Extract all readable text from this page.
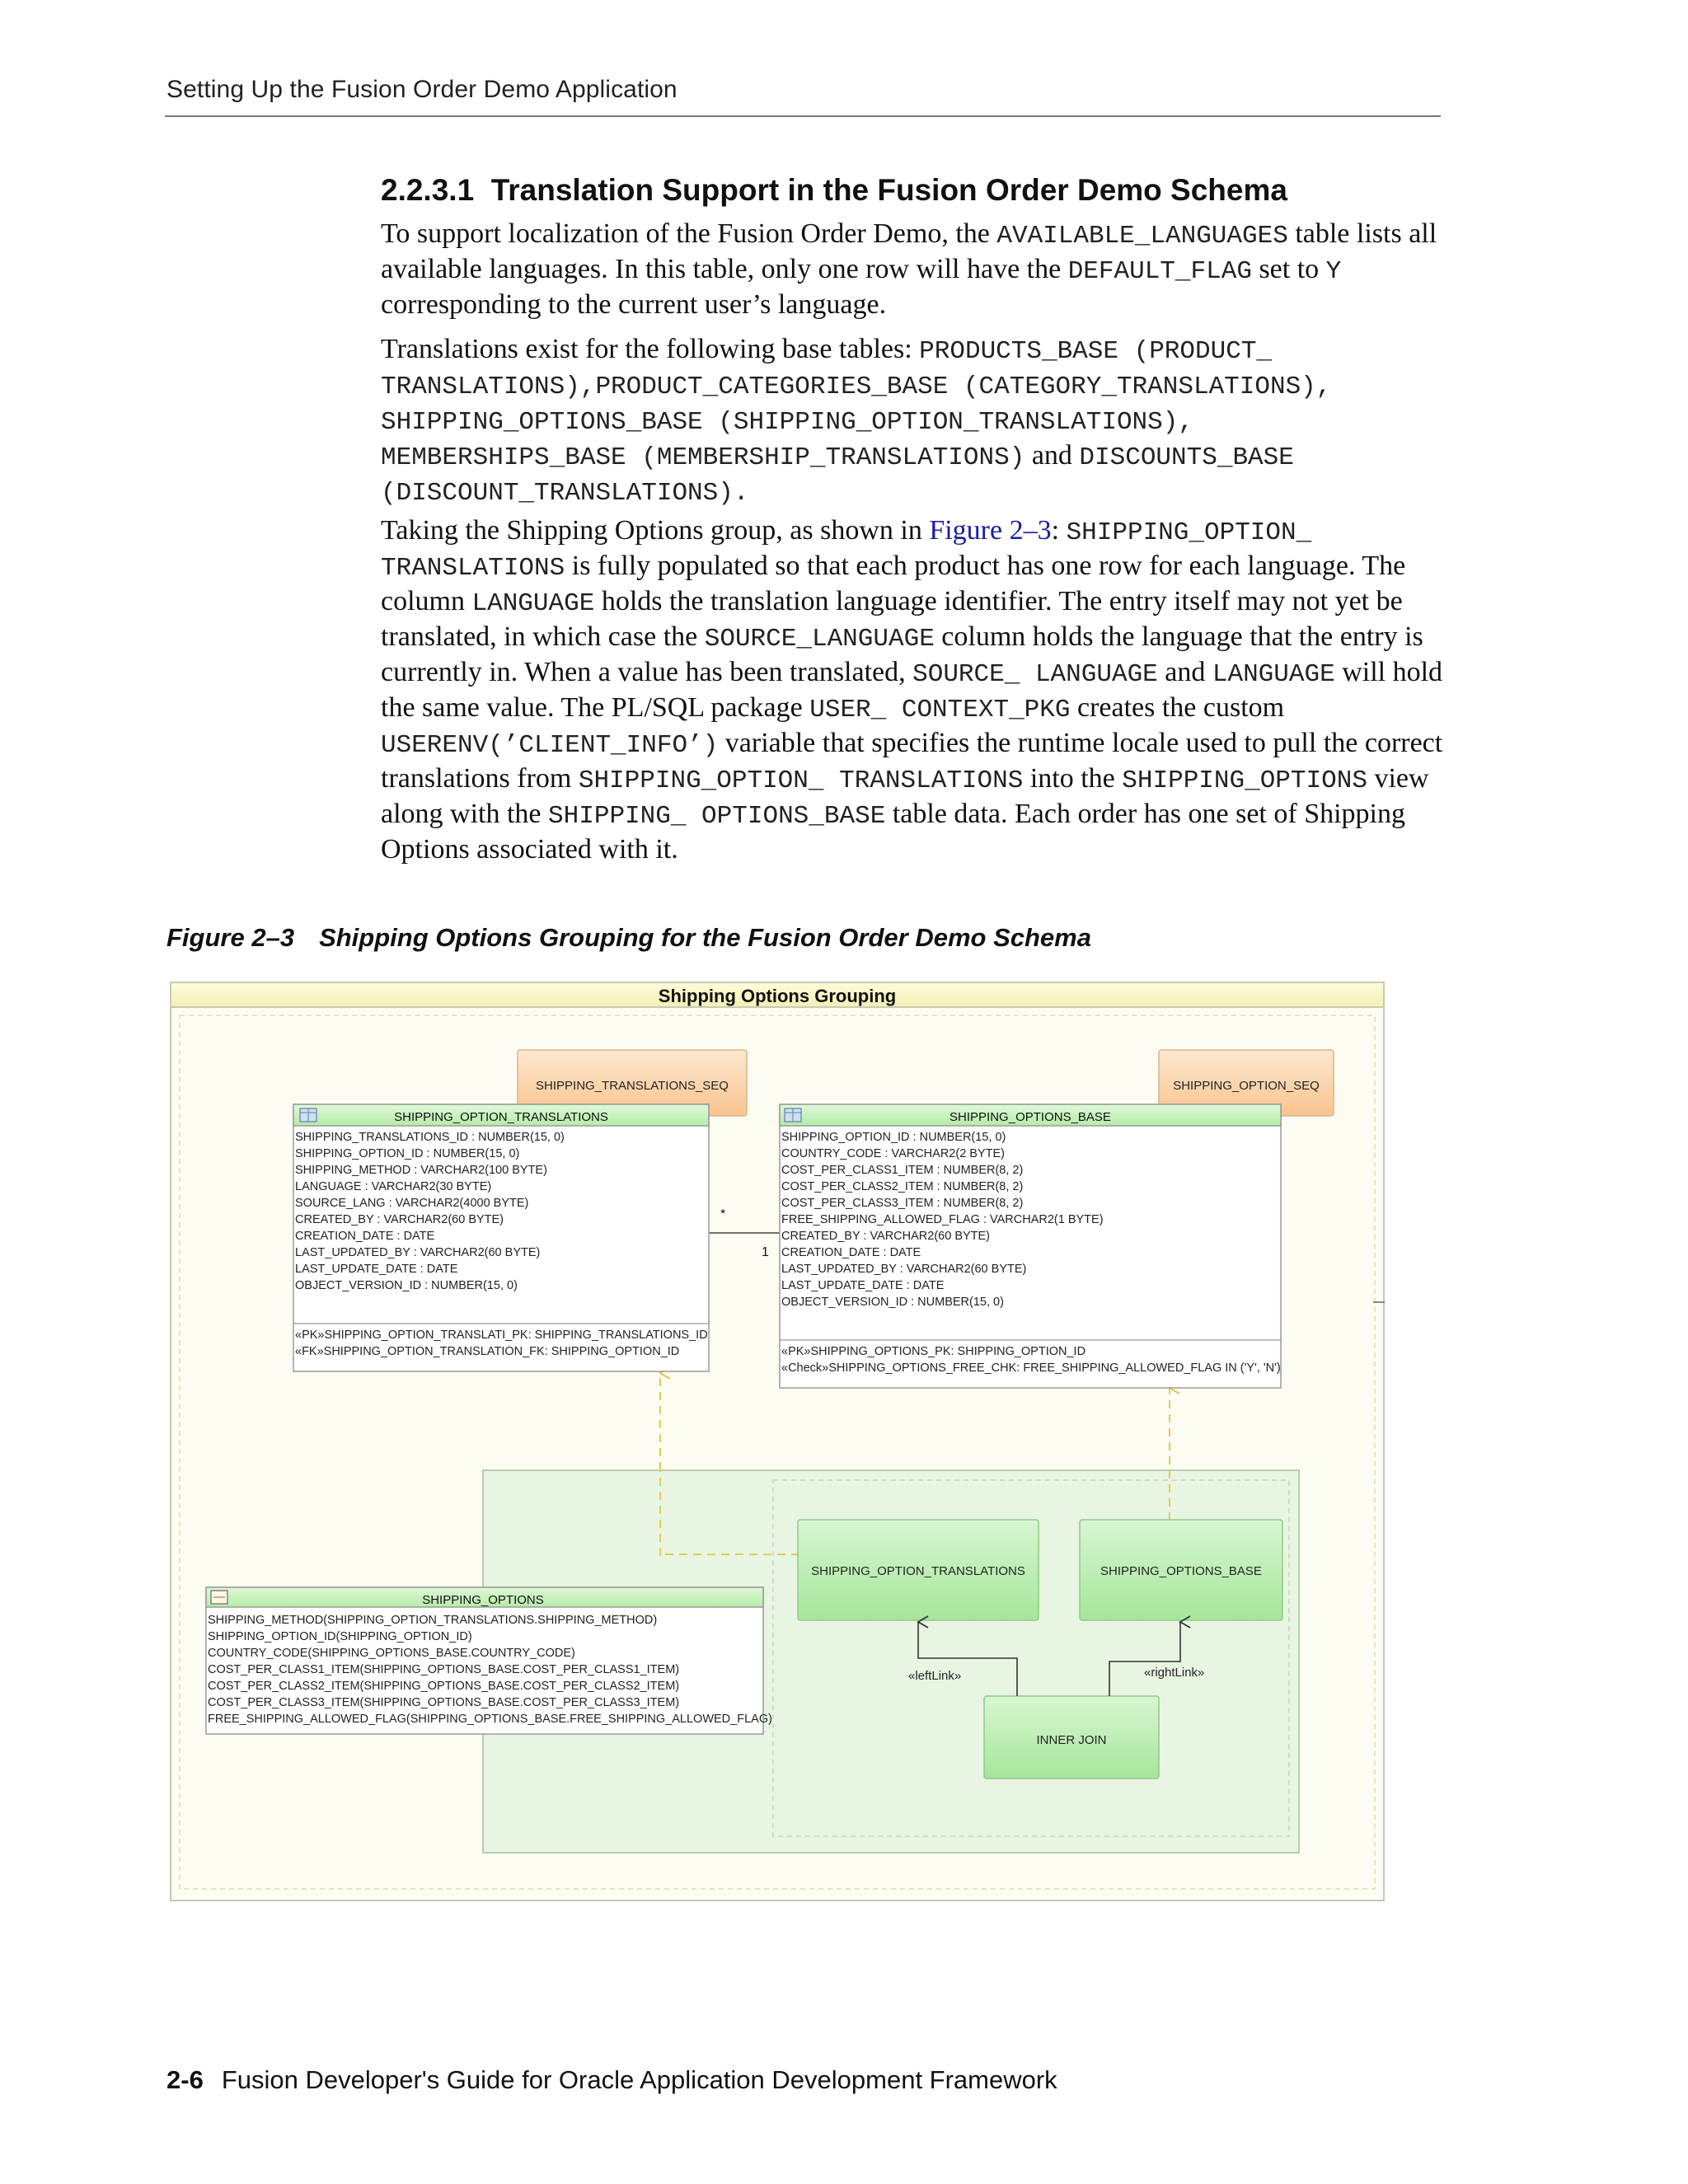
Setting Up the Fusion Order Demo Application
2.2.3.1 Translation Support in the Fusion Order Demo Schema
To support localization of the Fusion Order Demo, the AVAILABLE_LANGUAGES table lists all available languages. In this table, only one row will have the DEFAULT_FLAG set to Y corresponding to the current user’s language.
Translations exist for the following base tables: PRODUCTS_BASE (PRODUCT_ TRANSLATIONS),PRODUCT_CATEGORIES_BASE (CATEGORY_TRANSLATIONS), SHIPPING_OPTIONS_BASE (SHIPPING_OPTION_TRANSLATIONS), MEMBERSHIPS_BASE (MEMBERSHIP_TRANSLATIONS) and DISCOUNTS_BASE (DISCOUNT_TRANSLATIONS).
Taking the Shipping Options group, as shown in Figure 2–3: SHIPPING_OPTION_ TRANSLATIONS is fully populated so that each product has one row for each language. The column LANGUAGE holds the translation language identifier. The entry itself may not yet be translated, in which case the SOURCE_LANGUAGE column holds the language that the entry is currently in. When a value has been translated, SOURCE_ LANGUAGE and LANGUAGE will hold the same value. The PL/SQL package USER_ CONTEXT_PKG creates the custom USERENV(’CLIENT_INFO’) variable that specifies the runtime locale used to pull the correct translations from SHIPPING_OPTION_ TRANSLATIONS into the SHIPPING_OPTIONS view along with the SHIPPING_ OPTIONS_BASE table data. Each order has one set of Shipping Options associated with it.
Figure 2–3 Shipping Options Grouping for the Fusion Order Demo Schema
Shipping Options Grouping
SHIPPING_TRANSLATIONS_SEQ	SHIPPING_OPTION_SEQ
*
1
SHIPPING_OPTION_TRANSLATIONS
SHIPPING_TRANSLATIONS_ID : NUMBER(15, 0)
SHIPPING_OPTION_ID : NUMBER(15, 0)
SHIPPING_METHOD : VARCHAR2(100 BYTE)
LANGUAGE : VARCHAR2(30 BYTE)
SOURCE_LANG : VARCHAR2(4000 BYTE)
CREATED_BY : VARCHAR2(60 BYTE)
CREATION_DATE : DATE
LAST_UPDATED_BY : VARCHAR2(60 BYTE)
LAST_UPDATE_DATE : DATE
OBJECT_VERSION_ID : NUMBER(15, 0)
«PK»SHIPPING_OPTION_TRANSLATI_PK: SHIPPING_TRANSLATIONS_ID
«FK»SHIPPING_OPTION_TRANSLATION_FK: SHIPPING_OPTION_ID
SHIPPING_OPTIONS_BASE
SHIPPING_OPTION_ID : NUMBER(15, 0)
COUNTRY_CODE : VARCHAR2(2 BYTE)
COST_PER_CLASS1_ITEM : NUMBER(8, 2)
COST_PER_CLASS2_ITEM : NUMBER(8, 2)
COST_PER_CLASS3_ITEM : NUMBER(8, 2)
FREE_SHIPPING_ALLOWED_FLAG : VARCHAR2(1 BYTE)
CREATED_BY : VARCHAR2(60 BYTE)
CREATION_DATE : DATE
LAST_UPDATED_BY : VARCHAR2(60 BYTE)
LAST_UPDATE_DATE : DATE
OBJECT_VERSION_ID : NUMBER(15, 0)
«PK»SHIPPING_OPTIONS_PK: SHIPPING_OPTION_ID
«Check»SHIPPING_OPTIONS_FREE_CHK: FREE_SHIPPING_ALLOWED_FLAG IN ('Y', 'N')
SHIPPING_OPTIONS
SHIPPING_METHOD(SHIPPING_OPTION_TRANSLATIONS.SHIPPING_METHOD)
SHIPPING_OPTION_ID(SHIPPING_OPTION_ID)
COUNTRY_CODE(SHIPPING_OPTIONS_BASE.COUNTRY_CODE)
COST_PER_CLASS1_ITEM(SHIPPING_OPTIONS_BASE.COST_PER_CLASS1_ITEM)
COST_PER_CLASS2_ITEM(SHIPPING_OPTIONS_BASE.COST_PER_CLASS2_ITEM)
COST_PER_CLASS3_ITEM(SHIPPING_OPTIONS_BASE.COST_PER_CLASS3_ITEM)
FREE_SHIPPING_ALLOWED_FLAG(SHIPPING_OPTIONS_BASE.FREE_SHIPPING_ALLOWED_FLAG)
SHIPPING_OPTION_TRANSLATIONS	SHIPPING_OPTIONS_BASE
INNER JOIN
«leftLink»	«rightLink»
2-6 Fusion Developer's Guide for Oracle Application Development Framework
